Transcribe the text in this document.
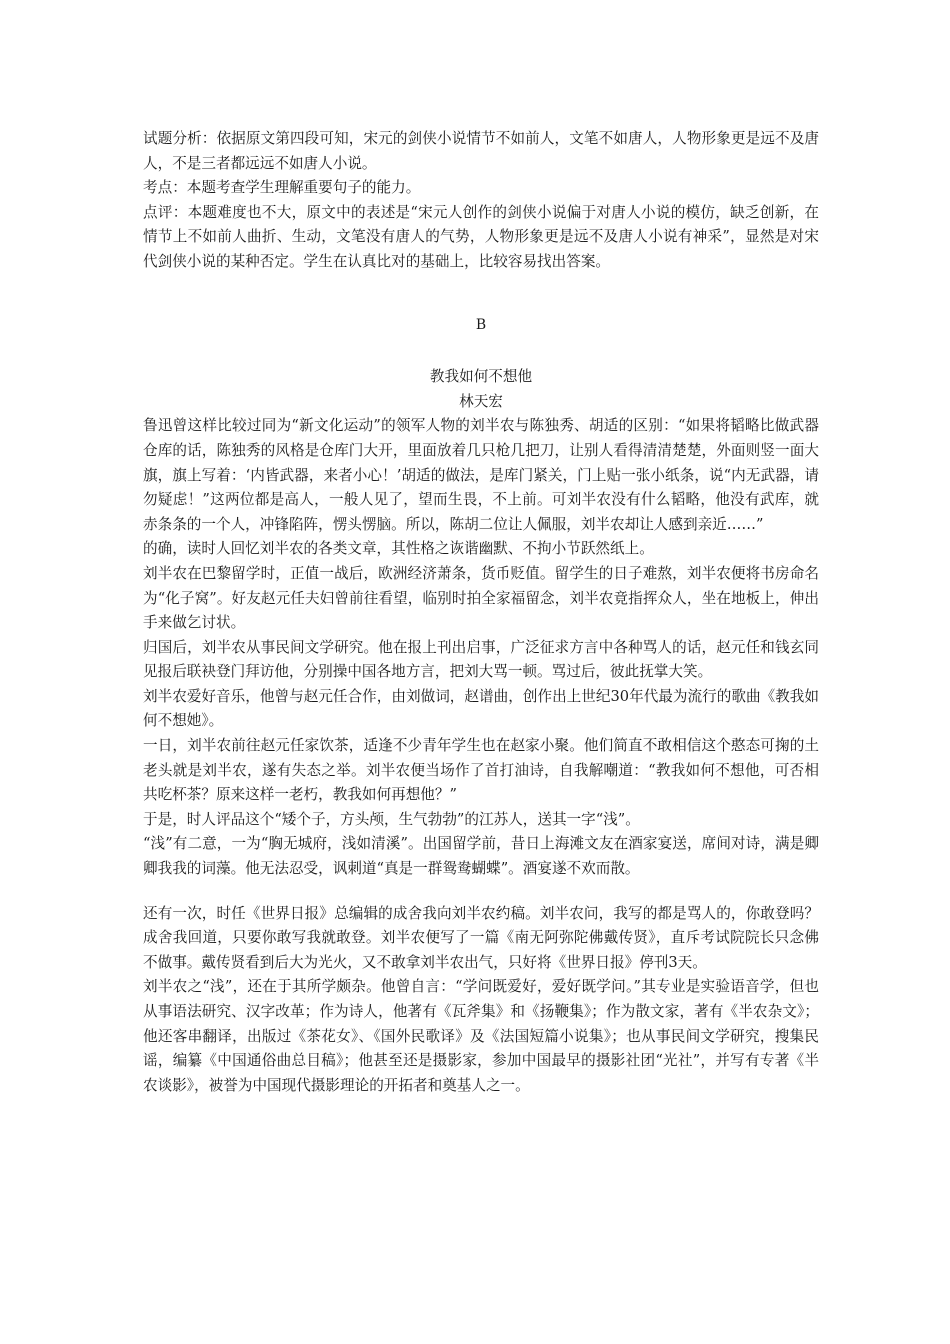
试题分析：依据原文第四段可知，宋元的剑侠小说情节不如前人，文笔不如唐人，人物形象更是远不及唐人，不是三者都远远不如唐人小说。

考点：本题考查学生理解重要句子的能力。

点评：本题难度也不大，原文中的表述是“宋元人创作的剑侠小说偏于对唐人小说的模仿，缺乏创新，在情节上不如前人曲折、生动，文笔没有唐人的气势，人物形象更是远不及唐人小说有神采”，显然是对宋代剑侠小说的某种否定。学生在认真比对的基础上，比较容易找出答案。

B

教我如何不想他

林天宏

鲁迅曾这样比较过同为“新文化运动”的领军人物的刘半农与陈独秀、胡适的区别：“如果将韬略比做武器仓库的话，陈独秀的风格是仓库门大开，里面放着几只枪几把刀，让别人看得清清楚楚，外面则竖一面大旗，旗上写着：‘内皆武器，来者小心！’胡适的做法，是库门紧关，门上贴一张小纸条，说“内无武器，请勿疑虑！”这两位都是高人，一般人见了，望而生畏，不上前。可刘半农没有什么韬略，他没有武库，就赤条条的一个人，冲锋陷阵，愣头愣脑。所以，陈胡二位让人佩服，刘半农却让人感到亲近……”

的确，读时人回忆刘半农的各类文章，其性格之诙谐幽默、不拘小节跃然纸上。

刘半农在巴黎留学时，正值一战后，欧洲经济萧条，货币贬值。留学生的日子难熬，刘半农便将书房命名为“化子窝”。好友赵元任夫妇曾前往看望，临别时拍全家福留念，刘半农竟指挥众人，坐在地板上，伸出手来做乞讨状。

归国后，刘半农从事民间文学研究。他在报上刊出启事，广泛征求方言中各种骂人的话，赵元任和钱玄同见报后联袂登门拜访他，分别操中国各地方言，把刘大骂一顿。骂过后，彼此抚掌大笑。

刘半农爱好音乐，他曾与赵元任合作，由刘做词，赵谱曲，创作出上世纪30年代最为流行的歌曲《教我如何不想她》。

一日，刘半农前往赵元任家饮茶，适逢不少青年学生也在赵家小聚。他们简直不敢相信这个憨态可掬的土老头就是刘半农，遂有失态之举。刘半农便当场作了首打油诗，自我解嘲道：“教我如何不想他，可否相共吃杯茶？原来这样一老朽，教我如何再想他？”

于是，时人评品这个“矮个子，方头颅，生气勃勃”的江苏人，送其一字“浅”。

“浅”有二意，一为“胸无城府，浅如清溪”。出国留学前，昔日上海滩文友在酒家宴送，席间对诗，满是卿卿我我的词藻。他无法忍受，讽刺道“真是一群鸳鸯蝴蝶”。酒宴遂不欢而散。

还有一次，时任《世界日报》总编辑的成舍我向刘半农约稿。刘半农问，我写的都是骂人的，你敢登吗？成舍我回道，只要你敢写我就敢登。刘半农便写了一篇《南无阿弥陀佛戴传贤》，直斥考试院院长只念佛不做事。戴传贤看到后大为光火，又不敢拿刘半农出气，只好将《世界日报》停刊3天。

刘半农之“浅”，还在于其所学颇杂。他曾自言：“学问既爱好，爱好既学问。”其专业是实验语音学，但也从事语法研究、汉字改革；作为诗人，他著有《瓦斧集》和《扬鞭集》；作为散文家，著有《半农杂文》；他还客串翻译，出版过《茶花女》、《国外民歌译》及《法国短篇小说集》；也从事民间文学研究，搜集民谣，编纂《中国通俗曲总目稿》；他甚至还是摄影家，参加中国最早的摄影社团“光社”，并写有专著《半农谈影》，被誉为中国现代摄影理论的开拓者和奠基人之一。
